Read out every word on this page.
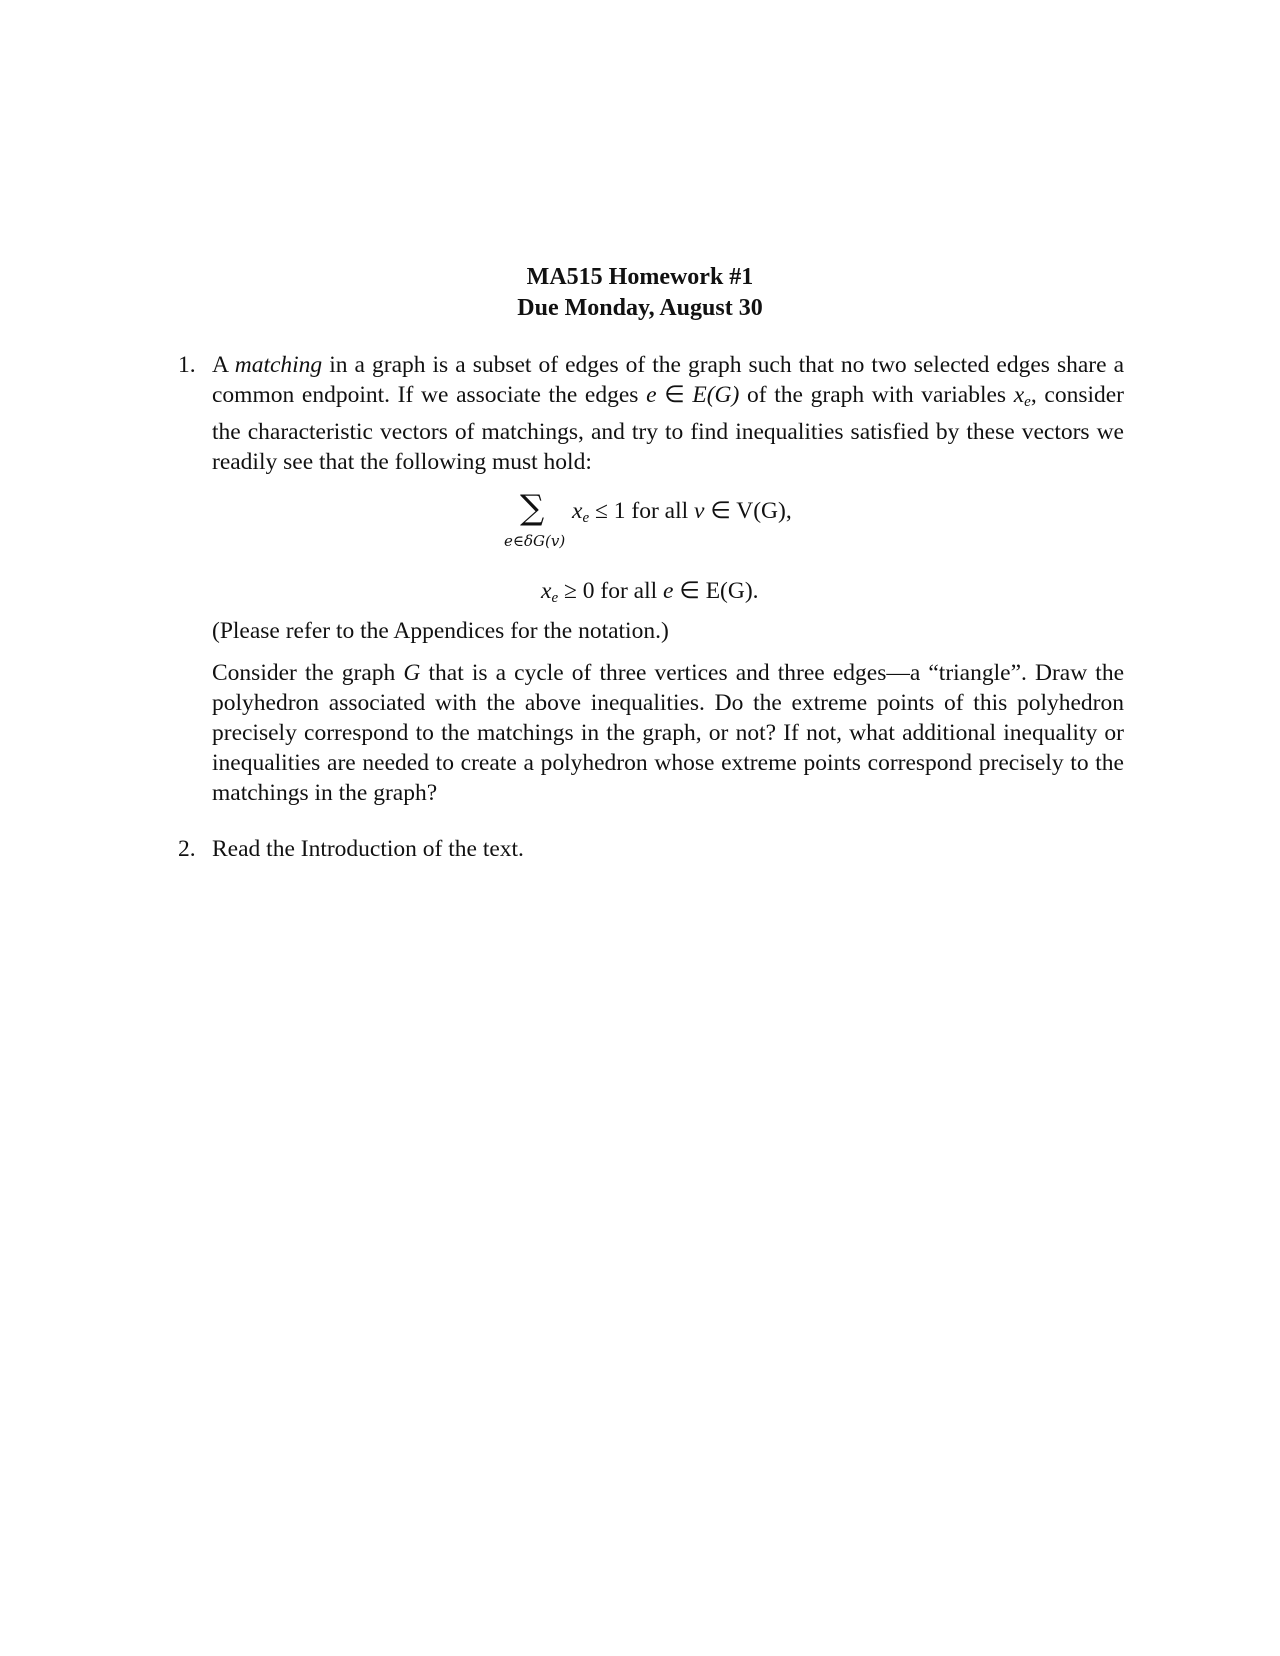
MA515 Homework #1
Due Monday, August 30
1. A matching in a graph is a subset of edges of the graph such that no two selected edges share a common endpoint. If we associate the edges e ∈ E(G) of the graph with variables $x_e$, consider the characteristic vectors of matchings, and try to find inequalities satisfied by these vectors we readily see that the following must hold:

∑
e∈δG(v)
$x_e \le 1$ for all v ∈ V(G),
$x_e \ge 0$ for all e ∈ E(G).
(Please refer to the Appendices for the notation.)
Consider the graph G that is a cycle of three vertices and three edges—a “triangle”. Draw the polyhedron associated with the above inequalities. Do the extreme points of this polyhedron precisely correspond to the matchings in the graph, or not? If not, what additional inequality or inequalities are needed to create a polyhedron whose extreme points correspond precisely to the matchings in the graph?
2. Read the Introduction of the text.
